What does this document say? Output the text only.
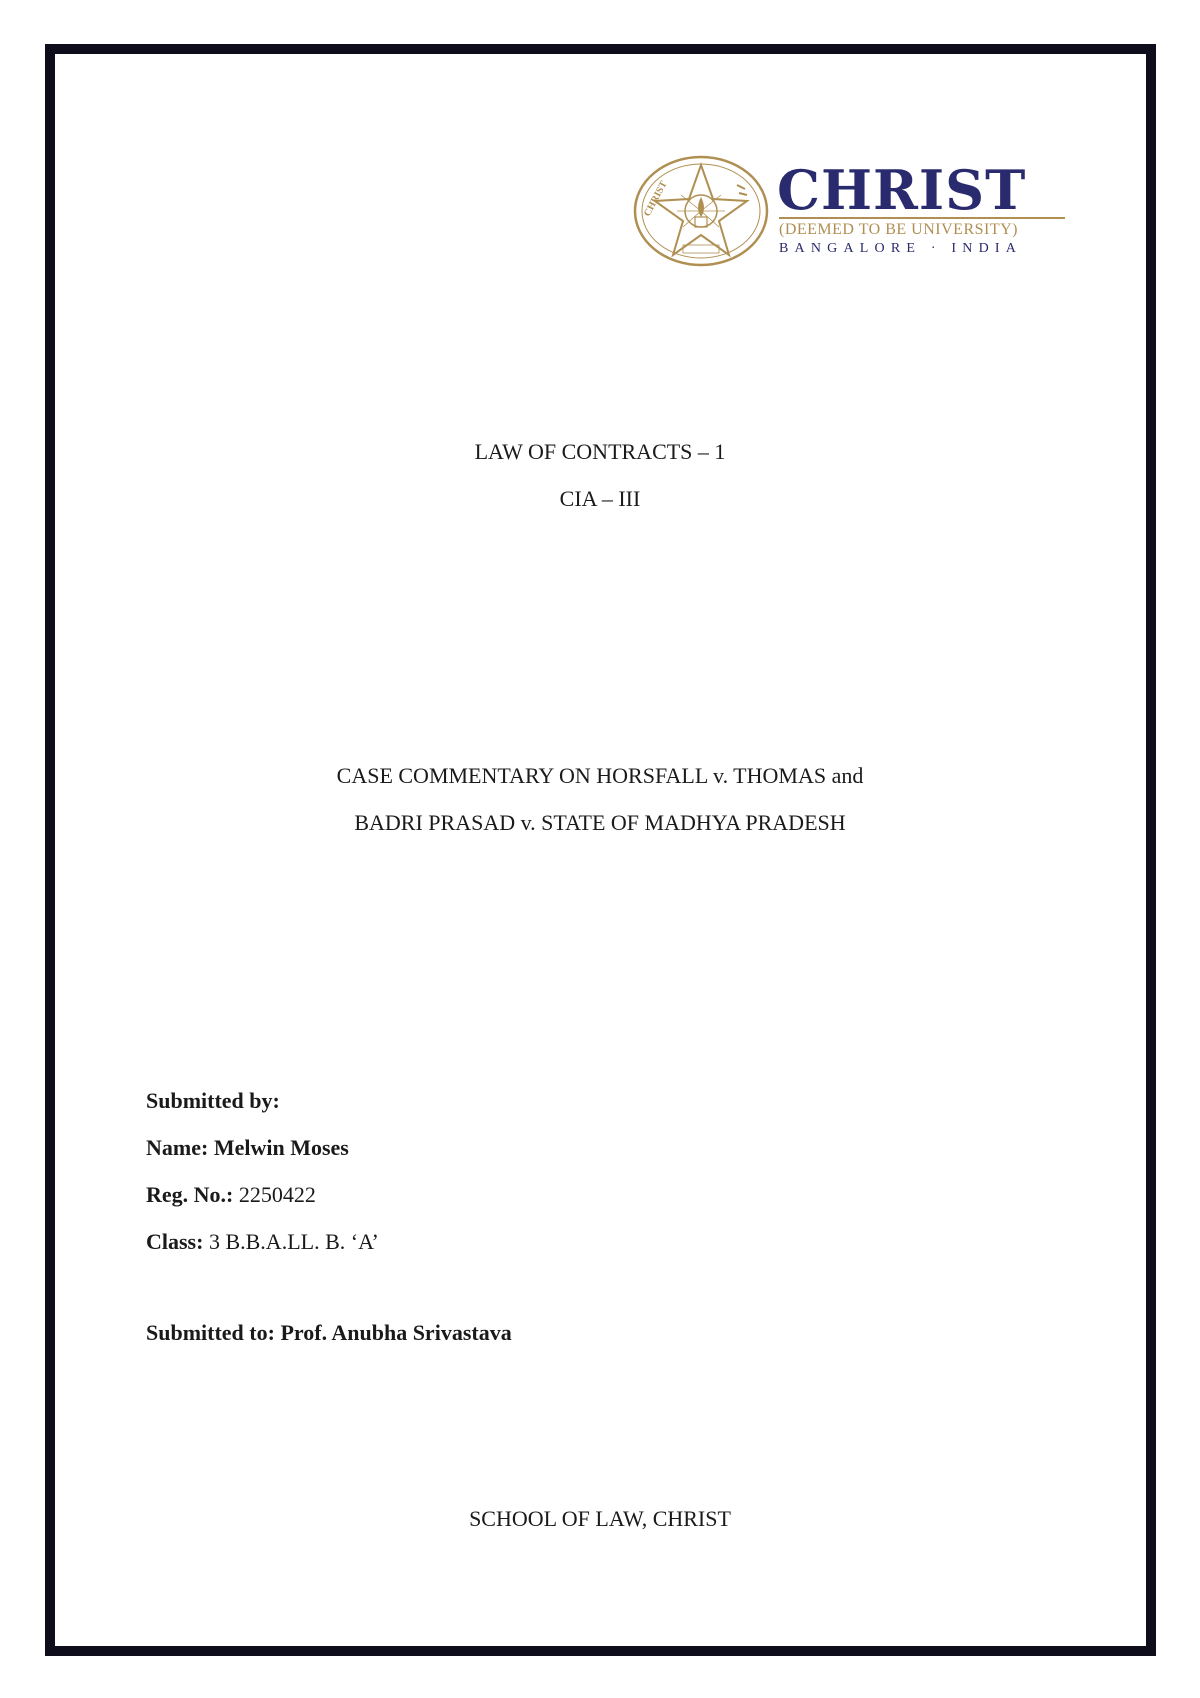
CHRIST CHRIST
(DEEMED TO BE UNIVERSITY)
BANGALORE · INDIA
LAW OF CONTRACTS – 1
CIA – III
CASE COMMENTARY ON HORSFALL v. THOMAS and
BADRI PRASAD v. STATE OF MADHYA PRADESH
Submitted by:
Name: Melwin Moses
Reg. No.: 2250422
Class: 3 B.B.A.LL. B. ‘A’
Submitted to: Prof. Anubha Srivastava
SCHOOL OF LAW, CHRIST
